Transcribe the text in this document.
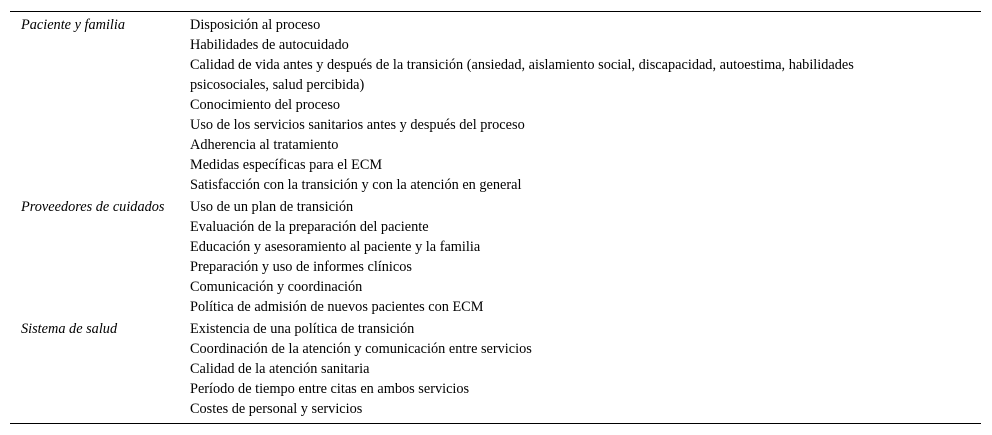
Paciente y familia	Disposición al proceso
Habilidades de autocuidado
Calidad de vida antes y después de la transición (ansiedad, aislamiento social, discapacidad, autoestima, habilidades psicosociales, salud percibida)
Conocimiento del proceso
Uso de los servicios sanitarios antes y después del proceso
Adherencia al tratamiento
Medidas específicas para el ECM
Satisfacción con la transición y con la atención en general
Proveedores de cuidados	Uso de un plan de transición
Evaluación de la preparación del paciente
Educación y asesoramiento al paciente y la familia
Preparación y uso de informes clínicos
Comunicación y coordinación
Política de admisión de nuevos pacientes con ECM
Sistema de salud	Existencia de una política de transición
Coordinación de la atención y comunicación entre servicios
Calidad de la atención sanitaria
Período de tiempo entre citas en ambos servicios
Costes de personal y servicios
